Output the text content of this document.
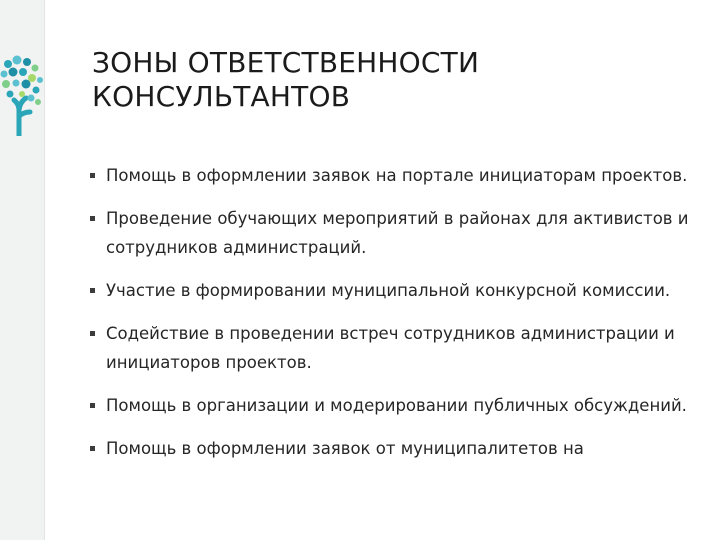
ЗОНЫ ОТВЕТСТВЕННОСТИ
КОНСУЛЬТАНТОВ
Помощь в оформлении заявок на портале инициаторам проектов.
Проведение обучающих мероприятий в районах для активистов и сотрудников администраций.
Участие в формировании муниципальной конкурсной комиссии.
Содействие в проведении встреч сотрудников администрации и инициаторов проектов.
Помощь в организации и модерировании публичных обсуждений.
Помощь в оформлении заявок от муниципалитетов на
